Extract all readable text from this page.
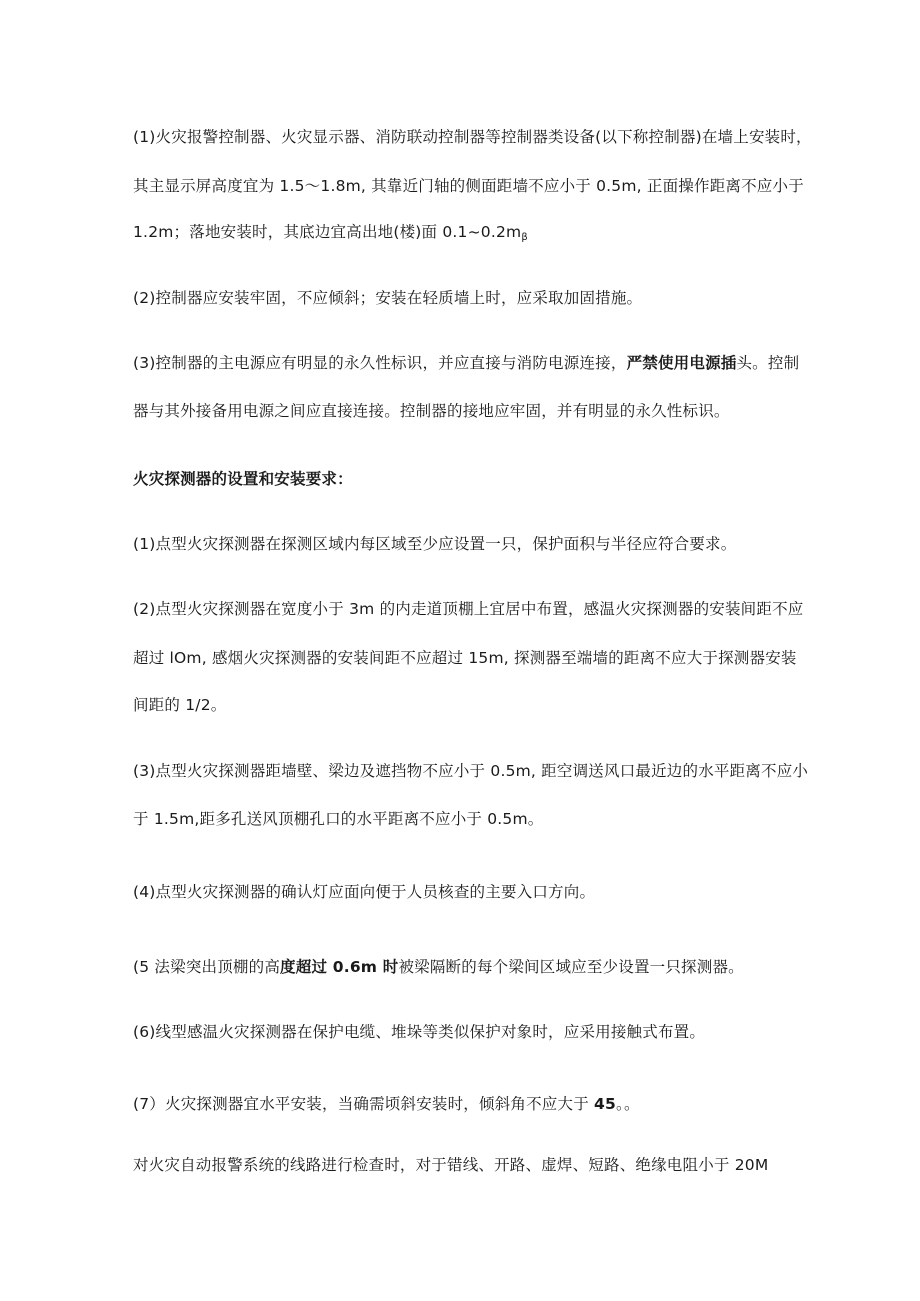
(1)火灾报警控制器、火灾显示器、消防联动控制器等控制器类设备(以下称控制器)在墙上安装时，
其主显示屏高度宜为 1.5～1.8m, 其靠近门轴的侧面距墙不应小于 0.5m, 正面操作距离不应小于
1.2m；落地安装时，其底边宜高出地(楼)面 $0.1\sim 0.2m_\beta$
(2)控制器应安装牢固，不应倾斜；安装在轻质墙上时，应采取加固措施。
(3)控制器的主电源应有明显的永久性标识，并应直接与消防电源连接，严禁使用电源插头。控制
器与其外接备用电源之间应直接连接。控制器的接地应牢固，并有明显的永久性标识。
火灾探测器的设置和安装要求：
(1)点型火灾探测器在探测区域内每区域至少应设置一只，保护面积与半径应符合要求。
(2)点型火灾探测器在宽度小于 3m 的内走道顶棚上宜居中布置，感温火灾探测器的安装间距不应
超过 lOm, 感烟火灾探测器的安装间距不应超过 15m, 探测器至端墙的距离不应大于探测器安装
间距的 1/2。
(3)点型火灾探测器距墙壁、梁边及遮挡物不应小于 0.5m, 距空调送风口最近边的水平距离不应小
于 1.5m,距多孔送风顶棚孔口的水平距离不应小于 0.5m。
(4)点型火灾探测器的确认灯应面向便于人员核查的主要入口方向。
(5 法梁突出顶棚的高度超过 0.6m 时被梁隔断的每个梁间区域应至少设置一只探测器。
(6)线型感温火灾探测器在保护电缆、堆垛等类似保护对象时，应采用接触式布置。
(7）火灾探测器宜水平安装，当确需顷斜安装时，倾斜角不应大于 45。。
对火灾自动报警系统的线路进行检查时，对于错线、开路、虚焊、短路、绝缘电阻小于 20M
